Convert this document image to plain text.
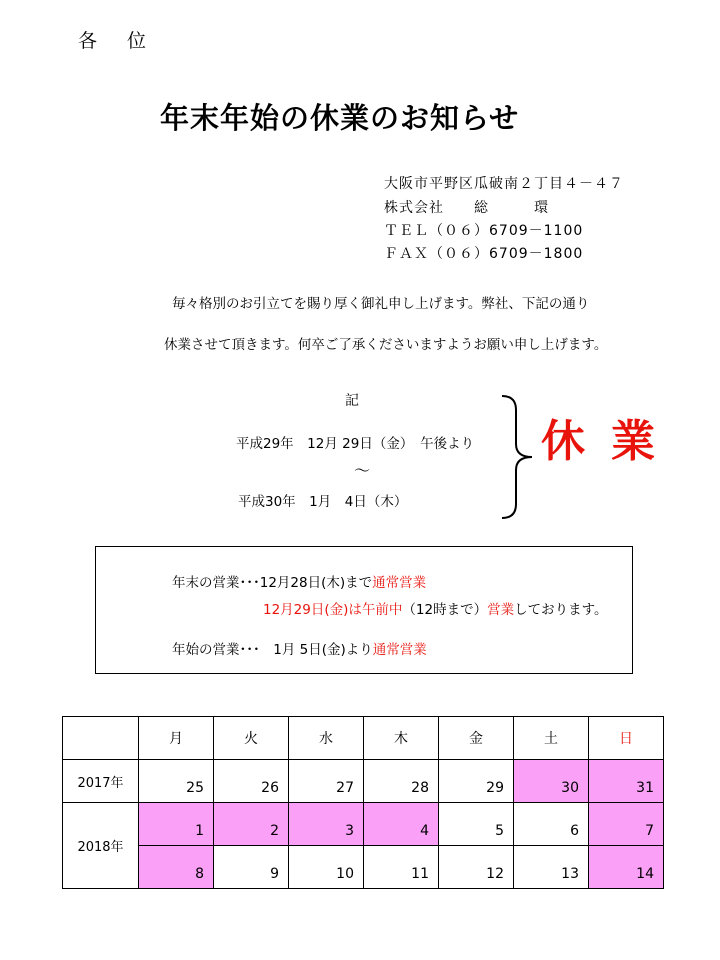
各 位
年末年始の休業のお知らせ
大阪市平野区瓜破南２丁目４－４７
株式会社　　総　　　環
ＴＥＬ（０６）6709－1100
ＦＡＸ（０６）6709－1800
毎々格別のお引立てを賜り厚く御礼申し上げます。弊社、下記の通り
休業させて頂きます。何卒ご了承くださいますようお願い申し上げます。
記
平成29年　12月 29日（金）　午後より
～
平成30年　1月　4日（木）
休 業
年末の営業･･･12月28日(木)まで通常営業
12月29日(金)は午前中（12時まで）営業しております。
年始の営業･･･　1月 5日(金)より通常営業
	月	火	水	木	金	土	日
2017年	25	26	27	28	29	30	31
2018年	1	2	3	4	5	6	7
	8	9	10	11	12	13	14
